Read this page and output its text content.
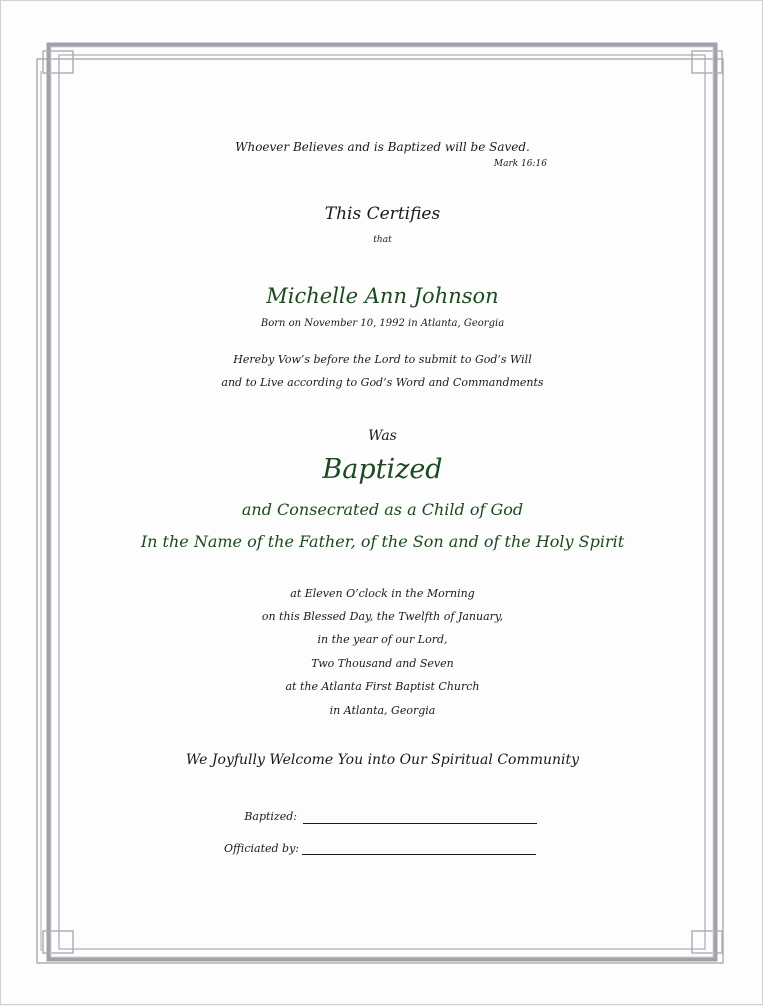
Whoever Believes and is Baptized will be Saved.
Mark 16:16
This Certifies
that
Michelle Ann Johnson
Born on November 10, 1992 in Atlanta, Georgia
Hereby Vow’s before the Lord to submit to God’s Will
and to Live according to God’s Word and Commandments
Was
Baptized
and Consecrated as a Child of God
In the Name of the Father, of the Son and of the Holy Spirit
at Eleven O’clock in the Morning
on this Blessed Day, the Twelfth of January,
in the year of our Lord,
Two Thousand and Seven
at the Atlanta First Baptist Church
in Atlanta, Georgia
We Joyfully Welcome You into Our Spiritual Community
Baptized:
Officiated by:
